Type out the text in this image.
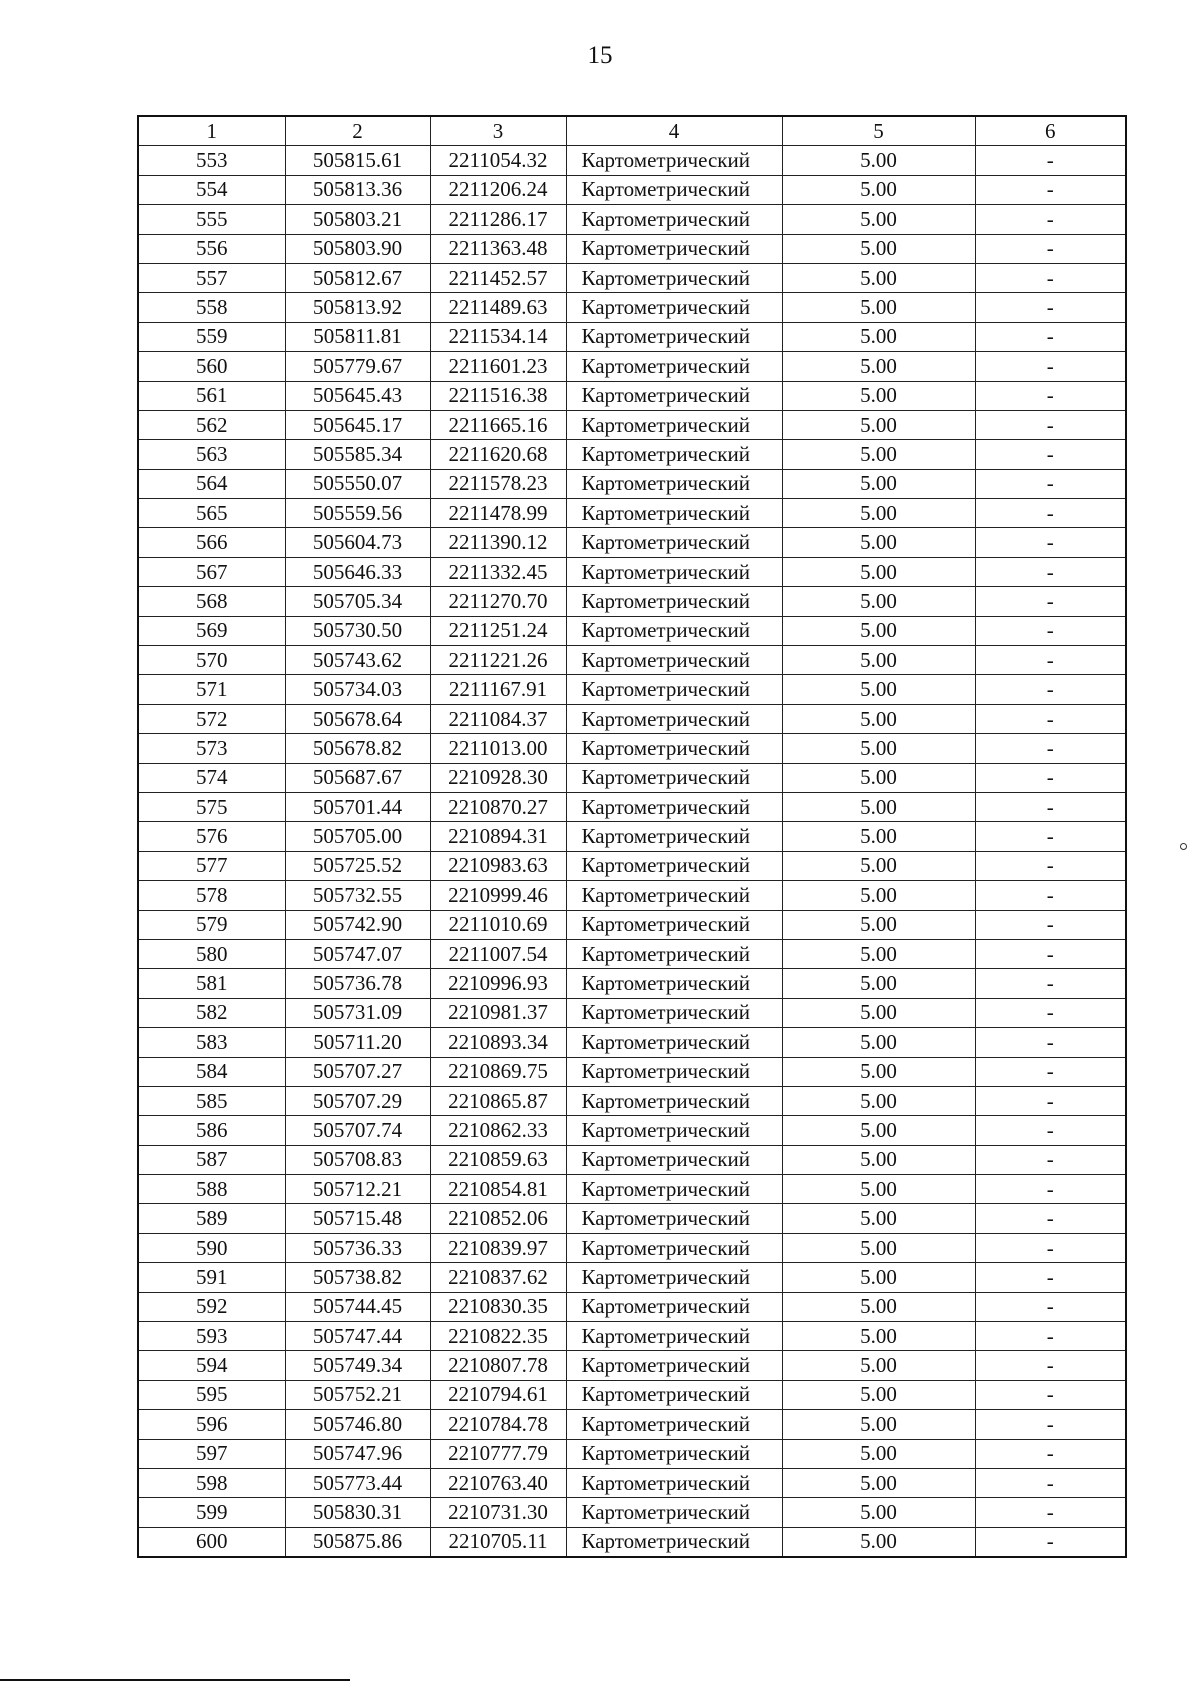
15
1	2	3	4	5	6
553	505815.61	2211054.32	Картометрический	5.00	-
554	505813.36	2211206.24	Картометрический	5.00	-
555	505803.21	2211286.17	Картометрический	5.00	-
556	505803.90	2211363.48	Картометрический	5.00	-
557	505812.67	2211452.57	Картометрический	5.00	-
558	505813.92	2211489.63	Картометрический	5.00	-
559	505811.81	2211534.14	Картометрический	5.00	-
560	505779.67	2211601.23	Картометрический	5.00	-
561	505645.43	2211516.38	Картометрический	5.00	-
562	505645.17	2211665.16	Картометрический	5.00	-
563	505585.34	2211620.68	Картометрический	5.00	-
564	505550.07	2211578.23	Картометрический	5.00	-
565	505559.56	2211478.99	Картометрический	5.00	-
566	505604.73	2211390.12	Картометрический	5.00	-
567	505646.33	2211332.45	Картометрический	5.00	-
568	505705.34	2211270.70	Картометрический	5.00	-
569	505730.50	2211251.24	Картометрический	5.00	-
570	505743.62	2211221.26	Картометрический	5.00	-
571	505734.03	2211167.91	Картометрический	5.00	-
572	505678.64	2211084.37	Картометрический	5.00	-
573	505678.82	2211013.00	Картометрический	5.00	-
574	505687.67	2210928.30	Картометрический	5.00	-
575	505701.44	2210870.27	Картометрический	5.00	-
576	505705.00	2210894.31	Картометрический	5.00	-
577	505725.52	2210983.63	Картометрический	5.00	-
578	505732.55	2210999.46	Картометрический	5.00	-
579	505742.90	2211010.69	Картометрический	5.00	-
580	505747.07	2211007.54	Картометрический	5.00	-
581	505736.78	2210996.93	Картометрический	5.00	-
582	505731.09	2210981.37	Картометрический	5.00	-
583	505711.20	2210893.34	Картометрический	5.00	-
584	505707.27	2210869.75	Картометрический	5.00	-
585	505707.29	2210865.87	Картометрический	5.00	-
586	505707.74	2210862.33	Картометрический	5.00	-
587	505708.83	2210859.63	Картометрический	5.00	-
588	505712.21	2210854.81	Картометрический	5.00	-
589	505715.48	2210852.06	Картометрический	5.00	-
590	505736.33	2210839.97	Картометрический	5.00	-
591	505738.82	2210837.62	Картометрический	5.00	-
592	505744.45	2210830.35	Картометрический	5.00	-
593	505747.44	2210822.35	Картометрический	5.00	-
594	505749.34	2210807.78	Картометрический	5.00	-
595	505752.21	2210794.61	Картометрический	5.00	-
596	505746.80	2210784.78	Картометрический	5.00	-
597	505747.96	2210777.79	Картометрический	5.00	-
598	505773.44	2210763.40	Картометрический	5.00	-
599	505830.31	2210731.30	Картометрический	5.00	-
600	505875.86	2210705.11	Картометрический	5.00	-
